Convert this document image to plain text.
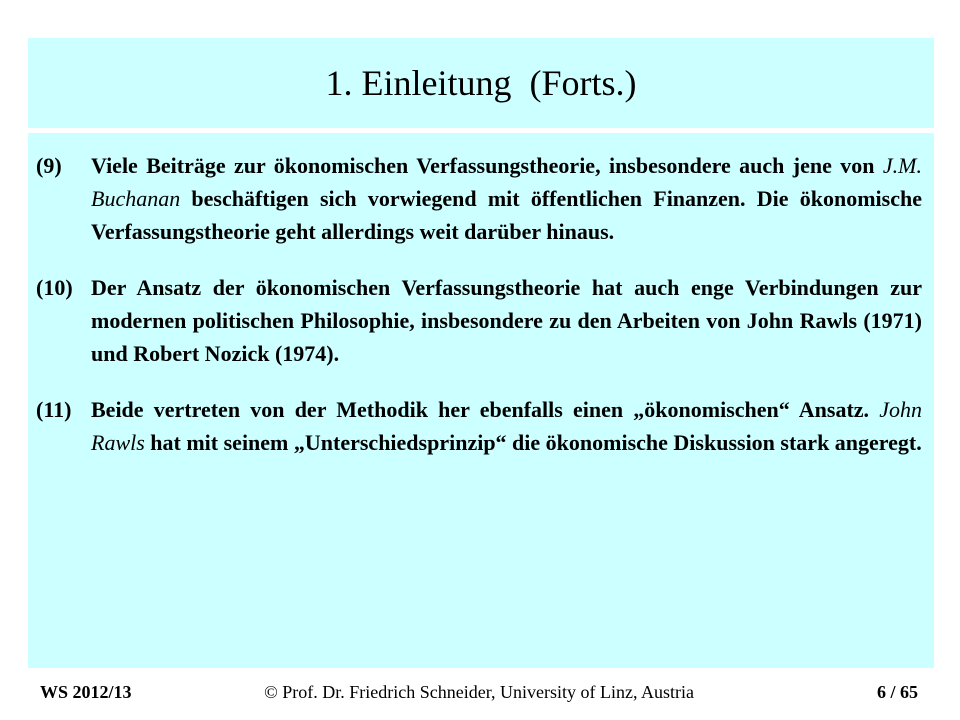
1. Einleitung  (Forts.)
(9)	Viele Beiträge zur ökonomischen Verfassungstheorie, insbesondere auch jene von J.M. Buchanan beschäftigen sich vorwiegend mit öffentlichen Finanzen. Die ökonomische Verfassungstheorie geht allerdings weit darüber hinaus.
(10) Der Ansatz der ökonomischen Verfassungstheorie hat auch enge Verbindungen zur modernen politischen Philosophie, insbesondere zu den Arbeiten von John Rawls (1971) und Robert Nozick (1974).
(11) Beide vertreten von der Methodik her ebenfalls einen „ökonomischen“ Ansatz. John Rawls hat mit seinem „Unterschiedsprinzip“ die ökonomische Diskussion stark angeregt.
WS 2012/13	© Prof. Dr. Friedrich Schneider, University of Linz, Austria	6 / 65
